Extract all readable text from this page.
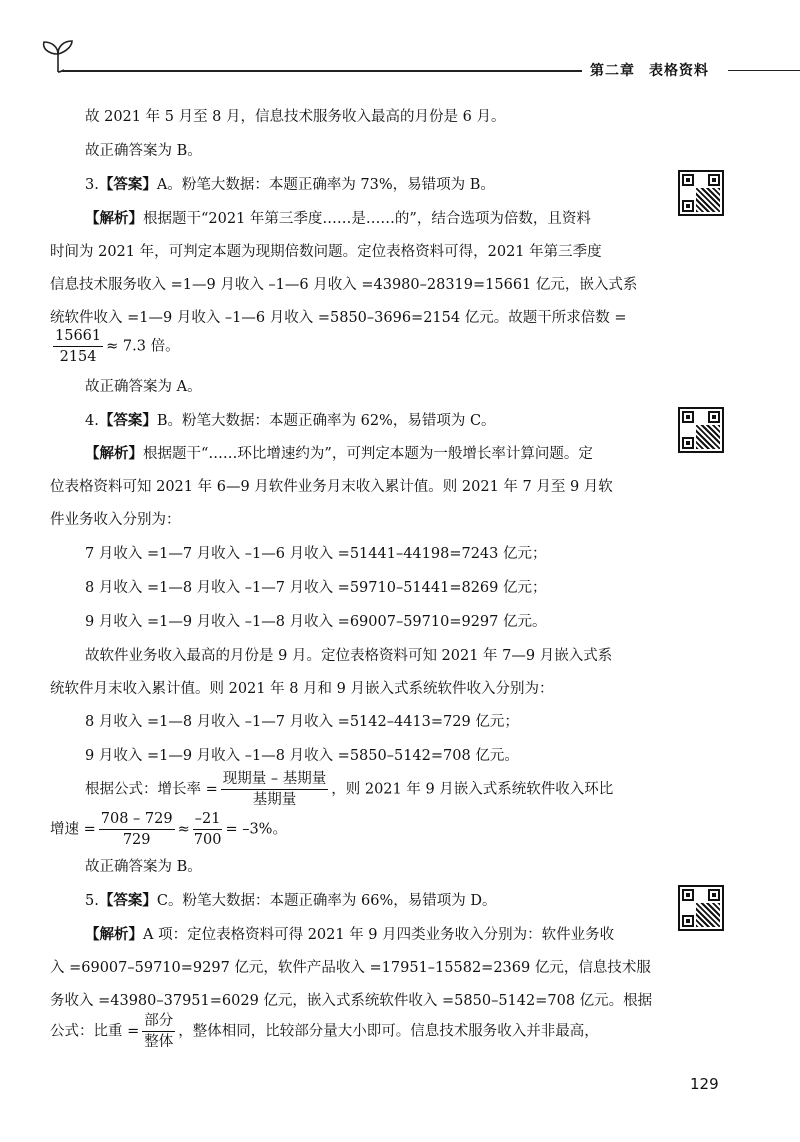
第二章 表格资料
故 2021 年 5 月至 8 月，信息技术服务收入最高的月份是 6 月。
故正确答案为 B。
3.【答案】A。粉笔大数据：本题正确率为 73%，易错项为 B。
【解析】根据题干“2021 年第三季度……是……的”，结合选项为倍数，且资料
时间为 2021 年，可判定本题为现期倍数问题。定位表格资料可得，2021 年第三季度
信息技术服务收入 =1—9 月收入 –1—6 月收入 =43980–28319=15661 亿元，嵌入式系
统软件收入 =1—9 月收入 –1—6 月收入 =5850–3696=2154 亿元。故题干所求倍数 =
$\frac{15661}{2154} \approx 7.3$ 倍。
故正确答案为 A。
4.【答案】B。粉笔大数据：本题正确率为 62%，易错项为 C。
【解析】根据题干“……环比增速约为”，可判定本题为一般增长率计算问题。定
位表格资料可知 2021 年 6—9 月软件业务月末收入累计值。则 2021 年 7 月至 9 月软
件业务收入分别为：
7 月收入 =1—7 月收入 –1—6 月收入 =51441–44198=7243 亿元；
8 月收入 =1—8 月收入 –1—7 月收入 =59710–51441=8269 亿元；
9 月收入 =1—9 月收入 –1—8 月收入 =69007–59710=9297 亿元。
故软件业务收入最高的月份是 9 月。定位表格资料可知 2021 年 7—9 月嵌入式系
统软件月末收入累计值。则 2021 年 8 月和 9 月嵌入式系统软件收入分别为：
8 月收入 =1—8 月收入 –1—7 月收入 =5142–4413=729 亿元；
9 月收入 =1—9 月收入 –1—8 月收入 =5850–5142=708 亿元。
根据公式：增长率 = $\frac{\text{现期量 – 基期量}}{\text{基期量}}$ ，则 2021 年 9 月嵌入式系统软件收入环比
增速 = $\frac{708 - 729}{729} \approx \frac{-21}{700} = -3\%$。
故正确答案为 B。
5.【答案】C。粉笔大数据：本题正确率为 66%，易错项为 D。
【解析】A 项：定位表格资料可得 2021 年 9 月四类业务收入分别为：软件业务收
入 =69007–59710=9297 亿元，软件产品收入 =17951–15582=2369 亿元，信息技术服
务收入 =43980–37951=6029 亿元，嵌入式系统软件收入 =5850–5142=708 亿元。根据
公式：比重 = $\frac{\text{部分}}{\text{整体}}$ ，整体相同，比较部分量大小即可。信息技术服务收入并非最高，
129
